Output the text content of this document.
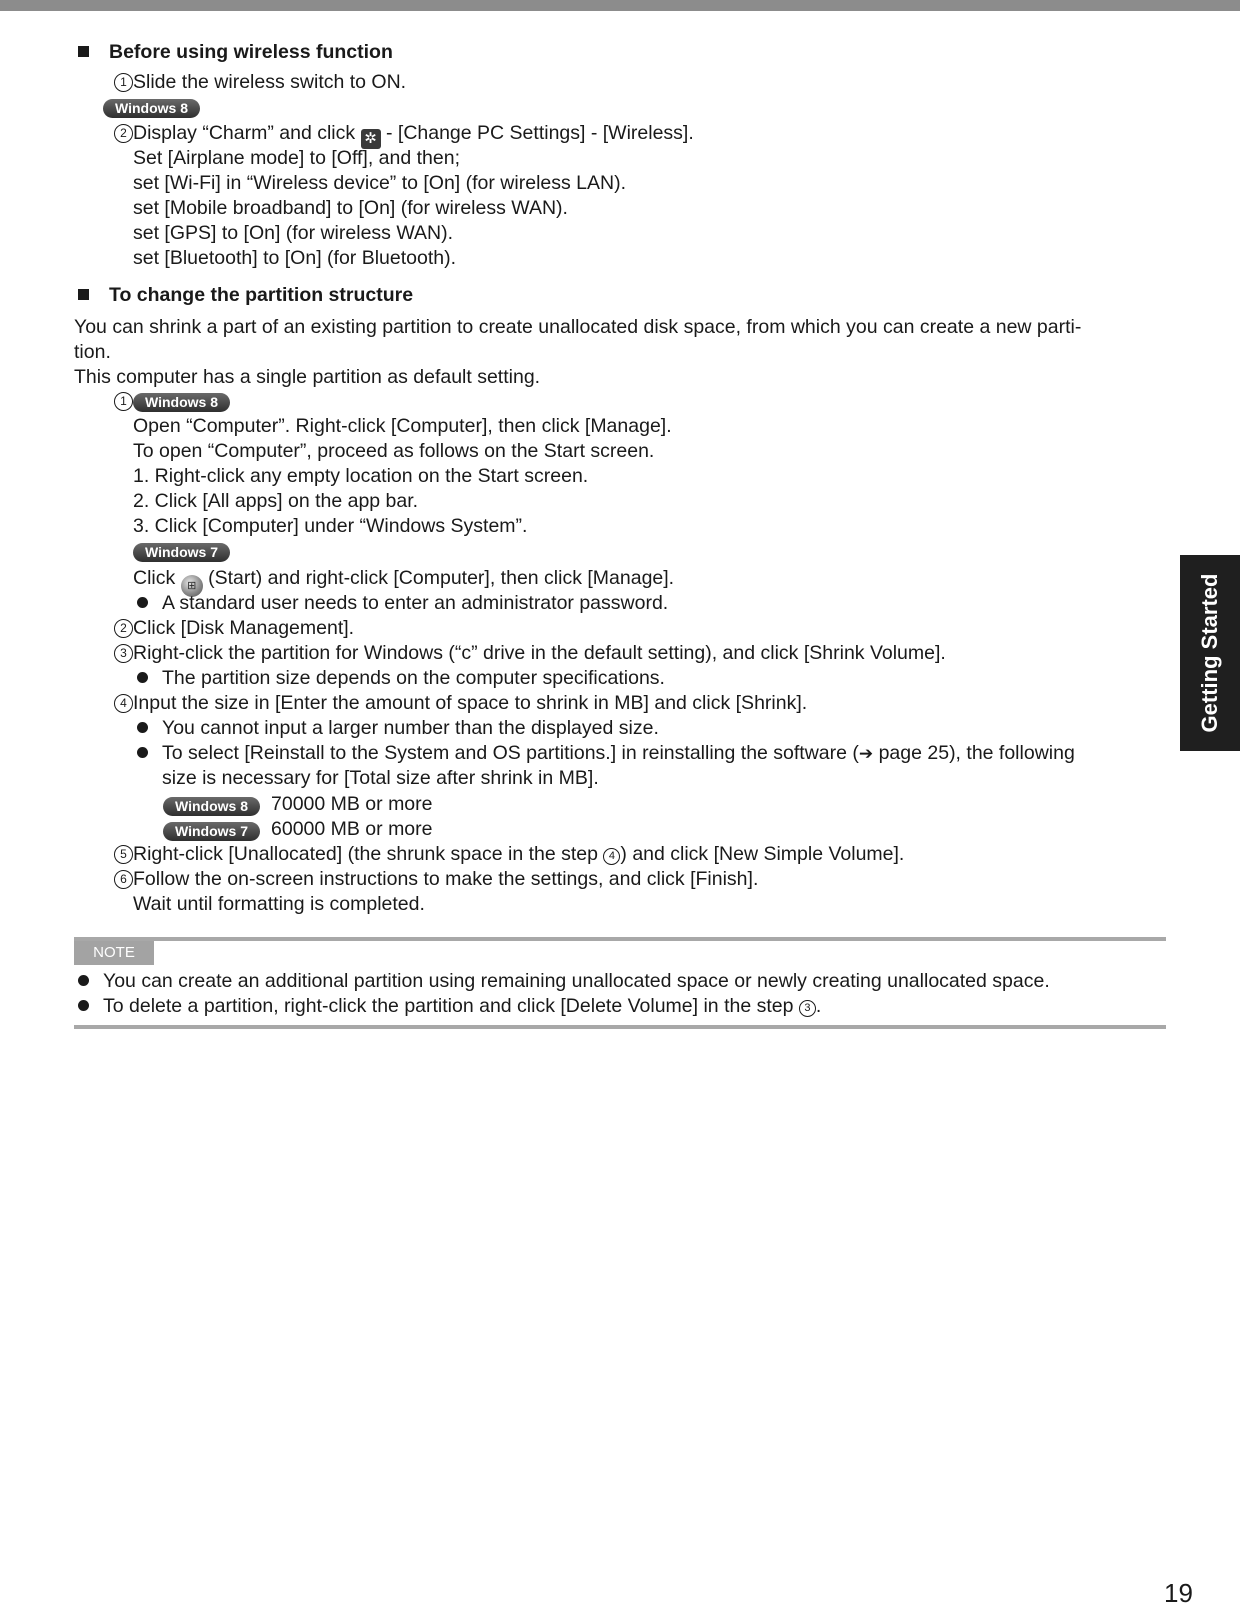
Before using wireless function
1 Slide the wireless switch to ON.
Windows 8
2 Display “Charm” and click ✲ - [Change PC Settings] - [Wireless].
Set [Airplane mode] to [Off], and then;
set [Wi-Fi] in “Wireless device” to [On] (for wireless LAN).
set [Mobile broadband] to [On] (for wireless WAN).
set [GPS] to [On] (for wireless WAN).
set [Bluetooth] to [On] (for Bluetooth).
To change the partition structure
You can shrink a part of an existing partition to create unallocated disk space, from which you can create a new parti-
tion.
This computer has a single partition as default setting.
1	Windows 8
Open “Computer”. Right-click [Computer], then click [Manage].
To open “Computer”, proceed as follows on the Start screen.
1. Right-click any empty location on the Start screen.
2. Click [All apps] on the app bar.
3. Click [Computer] under “Windows System”.
Windows 7
Click ⊞ (Start) and right-click [Computer], then click [Manage].
A standard user needs to enter an administrator password.
2 Click [Disk Management].
3 Right-click the partition for Windows (“c” drive in the default setting), and click [Shrink Volume].
The partition size depends on the computer specifications.
4 Input the size in [Enter the amount of space to shrink in MB] and click [Shrink].
You cannot input a larger number than the displayed size.
To select [Reinstall to the System and OS partitions.] in reinstalling the software (➔ page 25), the following
size is necessary for [Total size after shrink in MB].
Windows 8	70000 MB or more
Windows 7	60000 MB or more
5 Right-click [Unallocated] (the shrunk space in the step 4 ) and click [New Simple Volume].
6 Follow the on-screen instructions to make the settings, and click [Finish].
Wait until formatting is completed.
NOTE
You can create an additional partition using remaining unallocated space or newly creating unallocated space.
To delete a partition, right-click the partition and click [Delete Volume] in the step 3 .
Getting Started
19
